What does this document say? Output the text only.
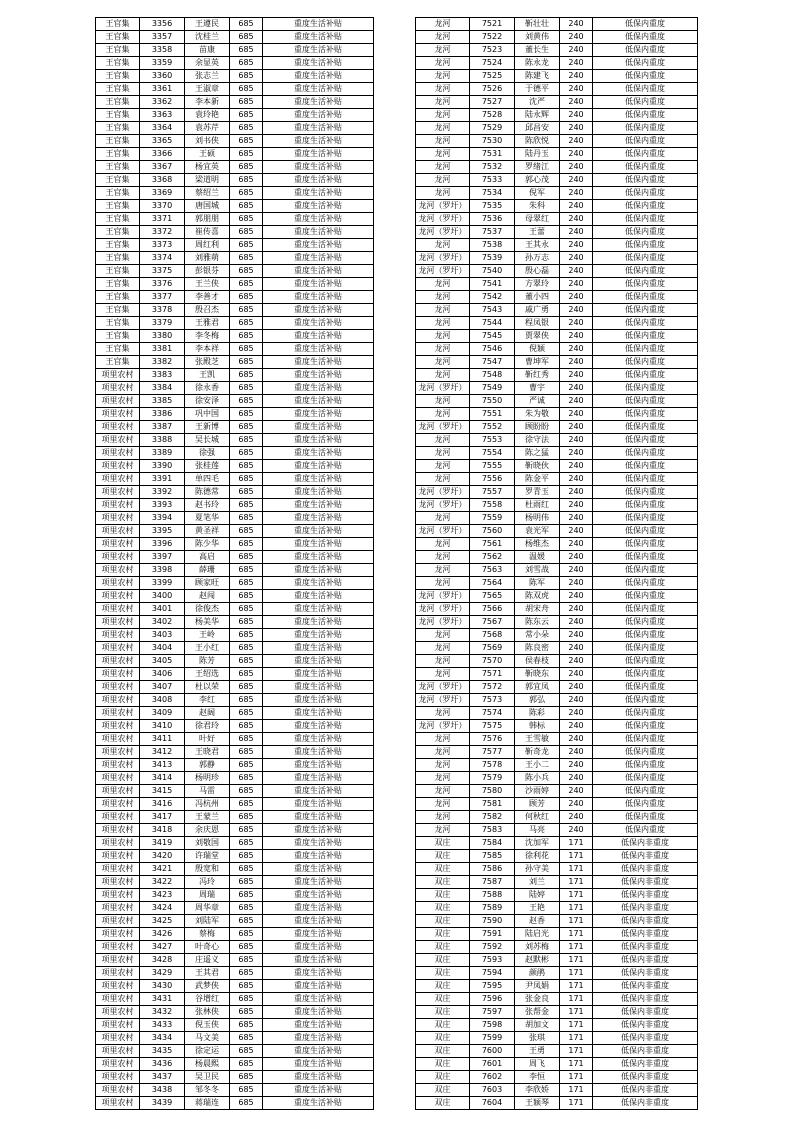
王官集	3356	王遵民	685	重度生活补贴
王官集	3357	沈桂兰	685	重度生活补贴
王官集	3358	苗康	685	重度生活补贴
王官集	3359	余显英	685	重度生活补贴
王官集	3360	张志兰	685	重度生活补贴
王官集	3361	王淑章	685	重度生活补贴
王官集	3362	李本新	685	重度生活补贴
王官集	3363	袁玲艳	685	重度生活补贴
王官集	3364	袁苏芹	685	重度生活补贴
王官集	3365	刘书侠	685	重度生活补贴
王官集	3366	王硕	685	重度生活补贴
王官集	3367	杨宜英	685	重度生活补贴
王官集	3368	梁道明	685	重度生活补贴
王官集	3369	蔡绍兰	685	重度生活补贴
王官集	3370	唐国城	685	重度生活补贴
王官集	3371	郭朋朋	685	重度生活补贴
王官集	3372	崔传喜	685	重度生活补贴
王官集	3373	周红利	685	重度生活补贴
王官集	3374	刘雅萌	685	重度生活补贴
王官集	3375	彭银芬	685	重度生活补贴
王官集	3376	王兰侠	685	重度生活补贴
王官集	3377	李善才	685	重度生活补贴
王官集	3378	殷召杰	685	重度生活补贴
王官集	3379	王雅君	685	重度生活补贴
王官集	3380	李冬梅	685	重度生活补贴
王官集	3381	李本祥	685	重度生活补贴
王官集	3382	张殿芝	685	重度生活补贴
项里农村	3383	王凯	685	重度生活补贴
项里农村	3384	徐永香	685	重度生活补贴
项里农村	3385	徐安泽	685	重度生活补贴
项里农村	3386	巩中国	685	重度生活补贴
项里农村	3387	王新博	685	重度生活补贴
项里农村	3388	吴长城	685	重度生活补贴
项里农村	3389	徐强	685	重度生活补贴
项里农村	3390	张桂莲	685	重度生活补贴
项里农村	3391	单四毛	685	重度生活补贴
项里农村	3392	陈德常	685	重度生活补贴
项里农村	3393	赵书玲	685	重度生活补贴
项里农村	3394	夏笔华	685	重度生活补贴
项里农村	3395	黄圣祥	685	重度生活补贴
项里农村	3396	陈少华	685	重度生活补贴
项里农村	3397	高启	685	重度生活补贴
项里农村	3398	薛珊	685	重度生活补贴
项里农村	3399	顾家旺	685	重度生活补贴
项里农村	3400	赵闯	685	重度生活补贴
项里农村	3401	徐俊杰	685	重度生活补贴
项里农村	3402	杨美华	685	重度生活补贴
项里农村	3403	王岭	685	重度生活补贴
项里农村	3404	王小红	685	重度生活补贴
项里农村	3405	陈芳	685	重度生活补贴
项里农村	3406	王绍选	685	重度生活补贴
项里农村	3407	杜以荣	685	重度生活补贴
项里农村	3408	李红	685	重度生活补贴
项里农村	3409	赵阔	685	重度生活补贴
项里农村	3410	徐君玲	685	重度生活补贴
项里农村	3411	叶好	685	重度生活补贴
项里农村	3412	王晓君	685	重度生活补贴
项里农村	3413	郭静	685	重度生活补贴
项里农村	3414	杨明珍	685	重度生活补贴
项里农村	3415	马雷	685	重度生活补贴
项里农村	3416	冯杭州	685	重度生活补贴
项里农村	3417	王蒙兰	685	重度生活补贴
项里农村	3418	余庆恩	685	重度生活补贴
项里农村	3419	刘敬国	685	重度生活补贴
项里农村	3420	许瑞堂	685	重度生活补贴
项里农村	3421	殷宽和	685	重度生活补贴
项里农村	3422	冯玲	685	重度生活补贴
项里农村	3423	周瑞	685	重度生活补贴
项里农村	3424	周华章	685	重度生活补贴
项里农村	3425	刘陆军	685	重度生活补贴
项里农村	3426	蔡梅	685	重度生活补贴
项里农村	3427	叶奇心	685	重度生活补贴
项里农村	3428	庄遥义	685	重度生活补贴
项里农村	3429	王其君	685	重度生活补贴
项里农村	3430	武梦侠	685	重度生活补贴
项里农村	3431	谷增红	685	重度生活补贴
项里农村	3432	张林侠	685	重度生活补贴
项里农村	3433	倪玉侠	685	重度生活补贴
项里农村	3434	马文美	685	重度生活补贴
项里农村	3435	徐定运	685	重度生活补贴
项里农村	3436	杨晨熙	685	重度生活补贴
项里农村	3437	吴卫民	685	重度生活补贴
项里农村	3438	邹冬冬	685	重度生活补贴
项里农村	3439	蒋瑞连	685	重度生活补贴
龙河	7521	靳壮壮	240	低保内重度
龙河	7522	刘黄伟	240	低保内重度
龙河	7523	董长生	240	低保内重度
龙河	7524	陈永龙	240	低保内重度
龙河	7525	陈建飞	240	低保内重度
龙河	7526	于德平	240	低保内重度
龙河	7527	沈严	240	低保内重度
龙河	7528	陆永辉	240	低保内重度
龙河	7529	邱昌安	240	低保内重度
龙河	7530	陈欣悦	240	低保内重度
龙河	7531	陆丹玉	240	低保内重度
龙河	7532	罗绪江	240	低保内重度
龙河	7533	郭心茂	240	低保内重度
龙河	7534	倪军	240	低保内重度
龙河（罗圩）	7535	朱科	240	低保内重度
龙河（罗圩）	7536	母翠红	240	低保内重度
龙河（罗圩）	7537	王蕾	240	低保内重度
龙河	7538	王其永	240	低保内重度
龙河（罗圩）	7539	孙万志	240	低保内重度
龙河（罗圩）	7540	殷心磊	240	低保内重度
龙河	7541	方翠玲	240	低保内重度
龙河	7542	董小四	240	低保内重度
龙河	7543	戚广勇	240	低保内重度
龙河	7544	程凤银	240	低保内重度
龙河	7545	贾翠侠	240	低保内重度
龙河	7546	倪颖	240	低保内重度
龙河	7547	曹坤军	240	低保内重度
龙河	7548	靳红秀	240	低保内重度
龙河（罗圩）	7549	曹宇	240	低保内重度
龙河	7550	严诚	240	低保内重度
龙河	7551	朱为敬	240	低保内重度
龙河（罗圩）	7552	顾盼盼	240	低保内重度
龙河	7553	徐守法	240	低保内重度
龙河	7554	陈之猛	240	低保内重度
龙河	7555	靳晓伙	240	低保内重度
龙河	7556	陈金平	240	低保内重度
龙河（罗圩）	7557	罗青玉	240	低保内重度
龙河（罗圩）	7558	杜雨红	240	低保内重度
龙河	7559	杨明伟	240	低保内重度
龙河（罗圩）	7560	袁光军	240	低保内重度
龙河	7561	杨维杰	240	低保内重度
龙河	7562	温媛	240	低保内重度
龙河	7563	刘雪战	240	低保内重度
龙河	7564	陈军	240	低保内重度
龙河（罗圩）	7565	陈双虎	240	低保内重度
龙河（罗圩）	7566	胡宋舟	240	低保内重度
龙河（罗圩）	7567	陈东云	240	低保内重度
龙河	7568	常小朵	240	低保内重度
龙河	7569	陈良密	240	低保内重度
龙河	7570	侯春枝	240	低保内重度
龙河	7571	靳晓东	240	低保内重度
龙河（罗圩）	7572	郭宜凤	240	低保内重度
龙河（罗圩）	7573	郭弘	240	低保内重度
龙河	7574	陈彩	240	低保内重度
龙河（罗圩）	7575	韩标	240	低保内重度
龙河	7576	王雪敏	240	低保内重度
龙河	7577	靳奇龙	240	低保内重度
龙河	7578	王小二	240	低保内重度
龙河	7579	陈小兵	240	低保内重度
龙河	7580	沙雨婷	240	低保内重度
龙河	7581	顾芳	240	低保内重度
龙河	7582	何秋红	240	低保内重度
龙河	7583	马亮	240	低保内重度
双庄	7584	沈加军	171	低保内非重度
双庄	7585	徐利花	171	低保内非重度
双庄	7586	孙守美	171	低保内非重度
双庄	7587	刘兰	171	低保内非重度
双庄	7588	陆婷	171	低保内非重度
双庄	7589	王艳	171	低保内非重度
双庄	7590	赵香	171	低保内非重度
双庄	7591	陆启光	171	低保内非重度
双庄	7592	刘苏梅	171	低保内非重度
双庄	7593	赵默彬	171	低保内非重度
双庄	7594	颜鹃	171	低保内非重度
双庄	7595	尹凤娟	171	低保内非重度
双庄	7596	张金良	171	低保内非重度
双庄	7597	张帮金	171	低保内非重度
双庄	7598	胡加文	171	低保内非重度
双庄	7599	张琪	171	低保内非重度
双庄	7600	王勇	171	低保内非重度
双庄	7601	周飞	171	低保内非重度
双庄	7602	李恒	171	低保内非重度
双庄	7603	李欣娇	171	低保内非重度
双庄	7604	王颖琴	171	低保内非重度
